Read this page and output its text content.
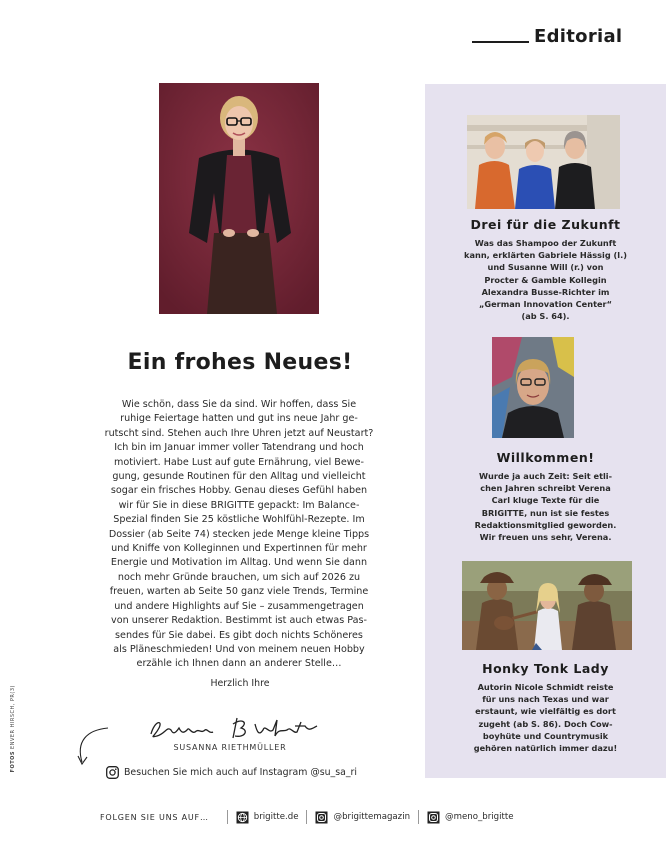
Editorial
Ein frohes Neues!
Wie schön, dass Sie da sind. Wir hoffen, dass Sie
ruhige Feiertage hatten und gut ins neue Jahr ge-
rutscht sind. Stehen auch Ihre Uhren jetzt auf Neustart?
Ich bin im Januar immer voller Tatendrang und hoch
motiviert. Habe Lust auf gute Ernährung, viel Bewe-
gung, gesunde Routinen für den Alltag und vielleicht
sogar ein frisches Hobby. Genau dieses Gefühl haben
wir für Sie in diese BRIGITTE gepackt: Im Balance-
Spezial finden Sie 25 köstliche Wohlfühl-Rezepte. Im
Dossier (ab Seite 74) stecken jede Menge kleine Tipps
und Kniffe von Kolleginnen und Expertinnen für mehr
Energie und Motivation im Alltag. Und wenn Sie dann
noch mehr Gründe brauchen, um sich auf 2026 zu
freuen, warten ab Seite 50 ganz viele Trends, Termine
und andere Highlights auf Sie – zusammengetragen
von unserer Redaktion. Bestimmt ist auch etwas Pas-
sendes für Sie dabei. Es gibt doch nichts Schöneres
als Pläneschmieden! Und von meinem neuen Hobby
erzähle ich Ihnen dann an anderer Stelle…
Herzlich Ihre
SUSANNA RIETHMÜLLER
Besuchen Sie mich auch auf Instagram @su_sa_ri
FOTOS ENVER HIRSCH, PR(3)
Drei für die Zukunft
Was das Shampoo der Zukunft
kann, erklärten Gabriele Hässig (l.)
und Susanne Will (r.) von
Procter & Gamble Kollegin
Alexandra Busse-Richter im
„German Innovation Center“
(ab S. 64).
Willkommen!
Wurde ja auch Zeit: Seit etli-
chen Jahren schreibt Verena
Carl kluge Texte für die
BRIGITTE, nun ist sie festes
Redaktionsmitglied geworden.
Wir freuen uns sehr, Verena.
Honky Tonk Lady
Autorin Nicole Schmidt reiste
für uns nach Texas und war
erstaunt, wie vielfältig es dort
zugeht (ab S. 86). Doch Cow-
boyhüte und Countrymusik
gehören natürlich immer dazu!
FOLGEN SIE UNS AUF…	brigitte.de	@brigittemagazin	@meno_brigitte
